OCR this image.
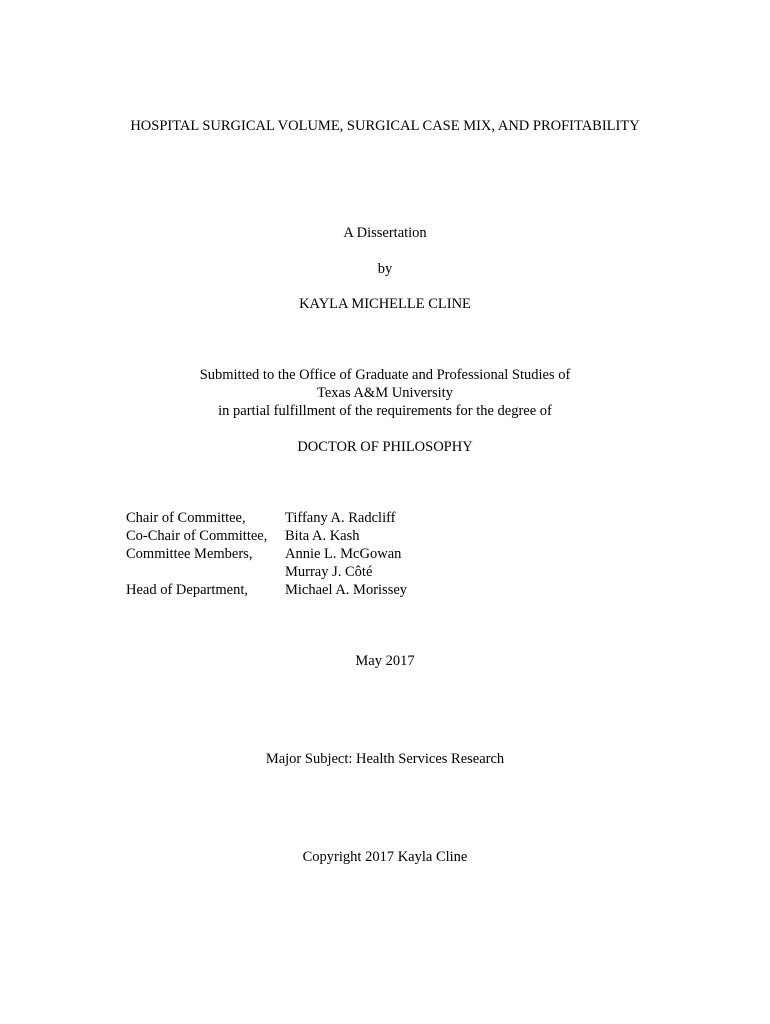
HOSPITAL SURGICAL VOLUME, SURGICAL CASE MIX, AND PROFITABILITY
A Dissertation
by
KAYLA MICHELLE CLINE
Submitted to the Office of Graduate and Professional Studies of
Texas A&M University
in partial fulfillment of the requirements for the degree of
DOCTOR OF PHILOSOPHY
Chair of Committee,	Tiffany A. Radcliff
Co-Chair of Committee, Bita A. Kash
Committee Members, Annie L. McGowan
Murray J. Côté
Head of Department,	Michael A. Morissey
May 2017
Major Subject: Health Services Research
Copyright 2017 Kayla Cline
